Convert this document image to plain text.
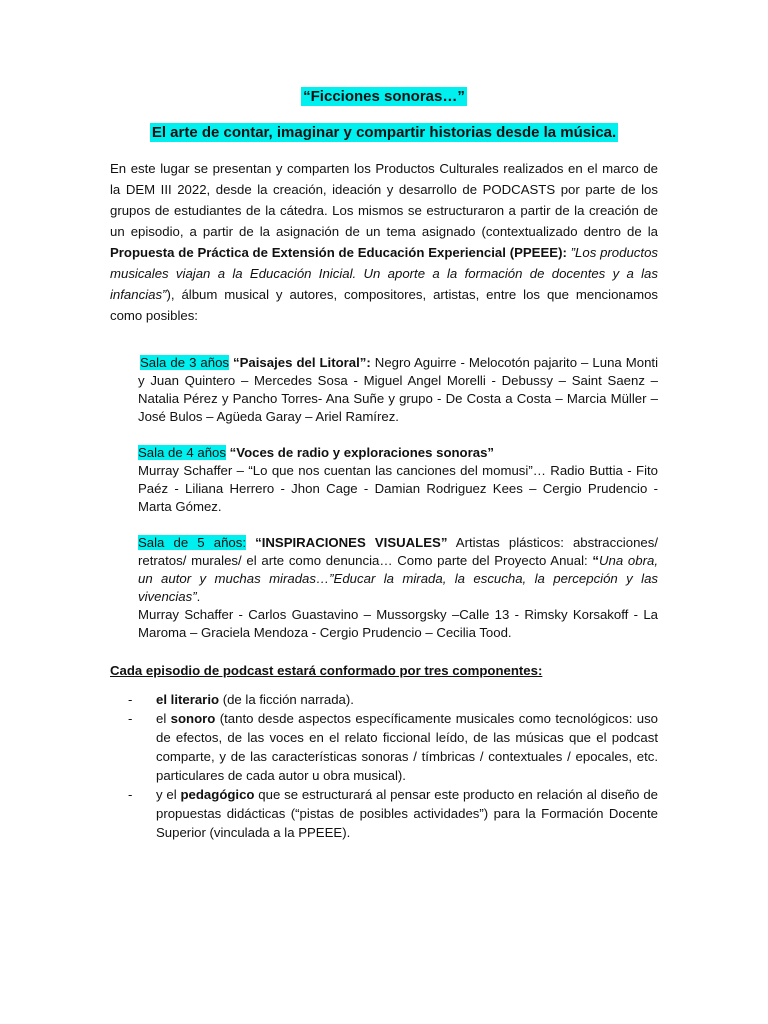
“Ficciones sonoras…”
El arte de contar, imaginar y compartir historias desde la música.

En este lugar se presentan y comparten los Productos Culturales realizados en el marco de la DEM III 2022, desde la creación, ideación y desarrollo de PODCASTS por parte de los grupos de estudiantes de la cátedra. Los mismos se estructuraron a partir de la creación de un episodio, a partir de la asignación de un tema asignado (contextualizado dentro de la Propuesta de Práctica de Extensión de Educación Experiencial (PPEEE): ”Los productos musicales viajan a la Educación Inicial. Un aporte a la formación de docentes y a las infancias”), álbum musical y autores, compositores, artistas, entre los que mencionamos como posibles:

Sala de 3 años “Paisajes del Litoral”: Negro Aguirre - Melocotón pajarito – Luna Monti y Juan Quintero – Mercedes Sosa - Miguel Angel Morelli - Debussy – Saint Saenz – Natalia Pérez y Pancho Torres- Ana Suñe y grupo - De Costa a Costa – Marcia Müller – José Bulos – Agüeda Garay – Ariel Ramírez.

Sala de 4 años “Voces de radio y exploraciones sonoras”
Murray Schaffer – “Lo que nos cuentan las canciones del momusi”… Radio Buttia - Fito Paéz - Liliana Herrero - Jhon Cage - Damian Rodriguez Kees – Cergio Prudencio - Marta Gómez.

Sala de 5 años: “INSPIRACIONES VISUALES” Artistas plásticos: abstracciones/ retratos/ murales/ el arte como denuncia… Como parte del Proyecto Anual: “Una obra, un autor y muchas miradas…”Educar la mirada, la escucha, la percepción y las vivencias”.
Murray Schaffer - Carlos Guastavino – Mussorgsky –Calle 13 - Rimsky Korsakoff - La Maroma – Graciela Mendoza - Cergio Prudencio – Cecilia Tood.

Cada episodio de podcast estará conformado por tres componentes:

- el literario (de la ficción narrada).
- el sonoro (tanto desde aspectos específicamente musicales como tecnológicos: uso de efectos, de las voces en el relato ficcional leído, de las músicas que el podcast comparte, y de las características sonoras / tímbricas / contextuales / epocales, etc. particulares de cada autor u obra musical).
- y el pedagógico que se estructurará al pensar este producto en relación al diseño de propuestas didácticas (“pistas de posibles actividades”) para la Formación Docente Superior (vinculada a la PPEEE).
